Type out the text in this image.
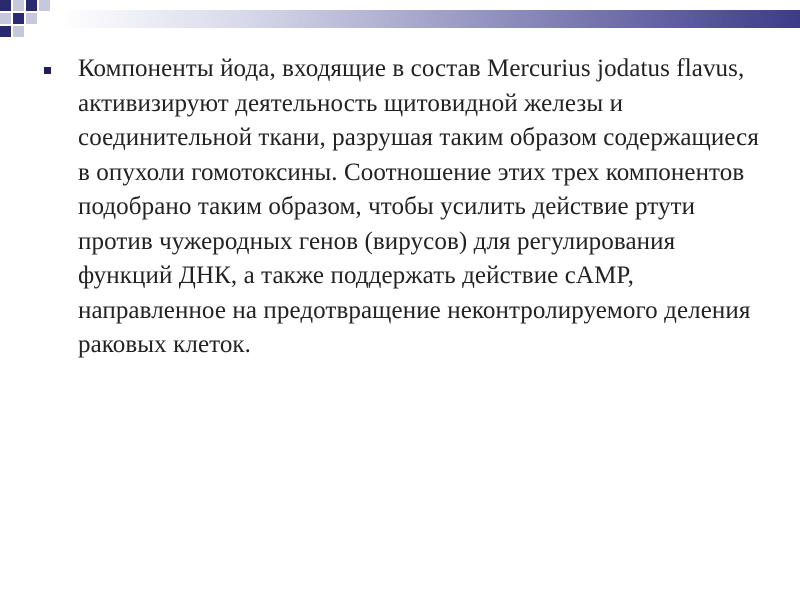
Компоненты йода, входящие в состав Mercurius jodatus flavus, активизируют деятельность щитовидной железы и соединительной ткани, разрушая таким образом содержащиеся в опухоли гомотоксины. Соотношение этих трех компонентов подобрано таким образом, чтобы усилить действие ртути против чужеродных генов (вирусов) для регулирования функций ДНК, а также поддержать действие cAMP, направленное на предотвращение неконтролируемого деления раковых клеток.
